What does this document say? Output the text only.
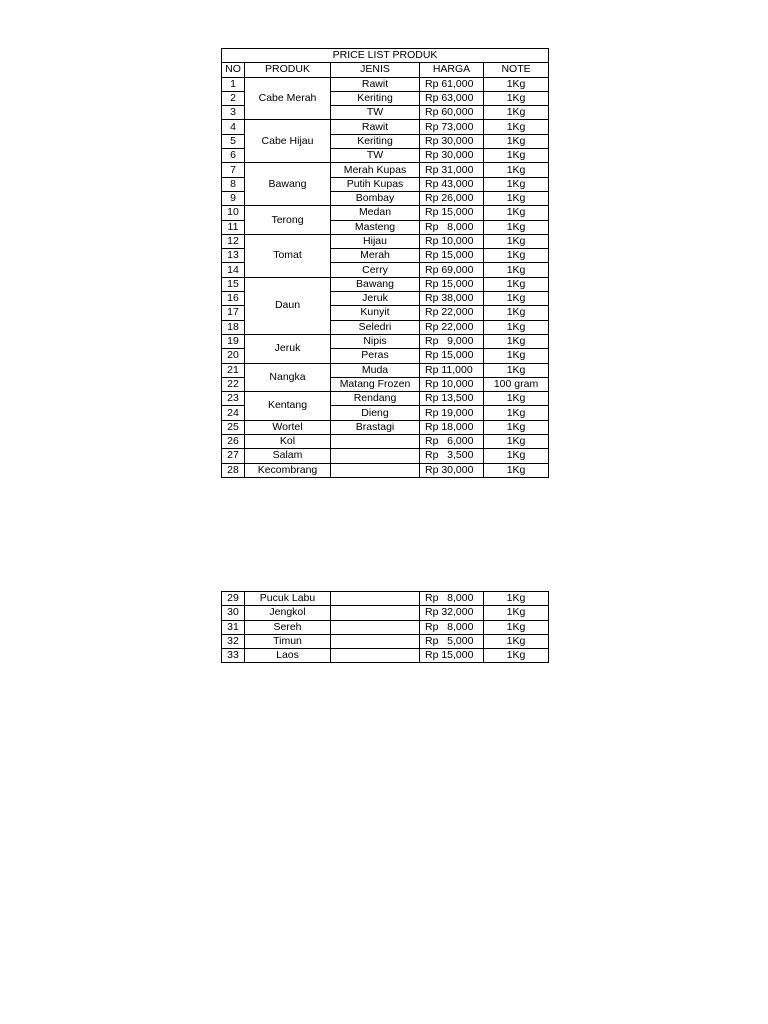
PRICE LIST PRODUK				
NO	PRODUK	JENIS	HARGA	NOTE
1	Cabe Merah	Rawit	Rp 61,000	1Kg
2		Keriting	Rp 63,000	1Kg
3		TW	Rp 60,000	1Kg
4	Cabe Hijau	Rawit	Rp 73,000	1Kg
5		Keriting	Rp 30,000	1Kg
6		TW	Rp 30,000	1Kg
7	Bawang	Merah Kupas	Rp 31,000	1Kg
8		Putih Kupas	Rp 43,000	1Kg
9		Bombay	Rp 26,000	1Kg
10	Terong	Medan	Rp 15,000	1Kg
11		Masteng	Rp   8,000	1Kg
12	Tomat	Hijau	Rp 10,000	1Kg
13		Merah	Rp 15,000	1Kg
14		Cerry	Rp 69,000	1Kg
15	Daun	Bawang	Rp 15,000	1Kg
16		Jeruk	Rp 38,000	1Kg
17		Kunyit	Rp 22,000	1Kg
18		Seledri	Rp 22,000	1Kg
19	Jeruk	Nipis	Rp   9,000	1Kg
20		Peras	Rp 15,000	1Kg
21	Nangka	Muda	Rp 11,000	1Kg
22		Matang Frozen	Rp 10,000	100 gram
23	Kentang	Rendang	Rp 13,500	1Kg
24		Dieng	Rp 19,000	1Kg
25	Wortel	Brastagi	Rp 18,000	1Kg
26	Kol		Rp   6,000	1Kg
27	Salam		Rp   3,500	1Kg
28	Kecombrang		Rp 30,000	1Kg
29	Pucuk Labu		Rp   8,000	1Kg
30	Jengkol		Rp 32,000	1Kg
31	Sereh		Rp   8,000	1Kg
32	Timun		Rp   5,000	1Kg
33	Laos		Rp 15,000	1Kg
